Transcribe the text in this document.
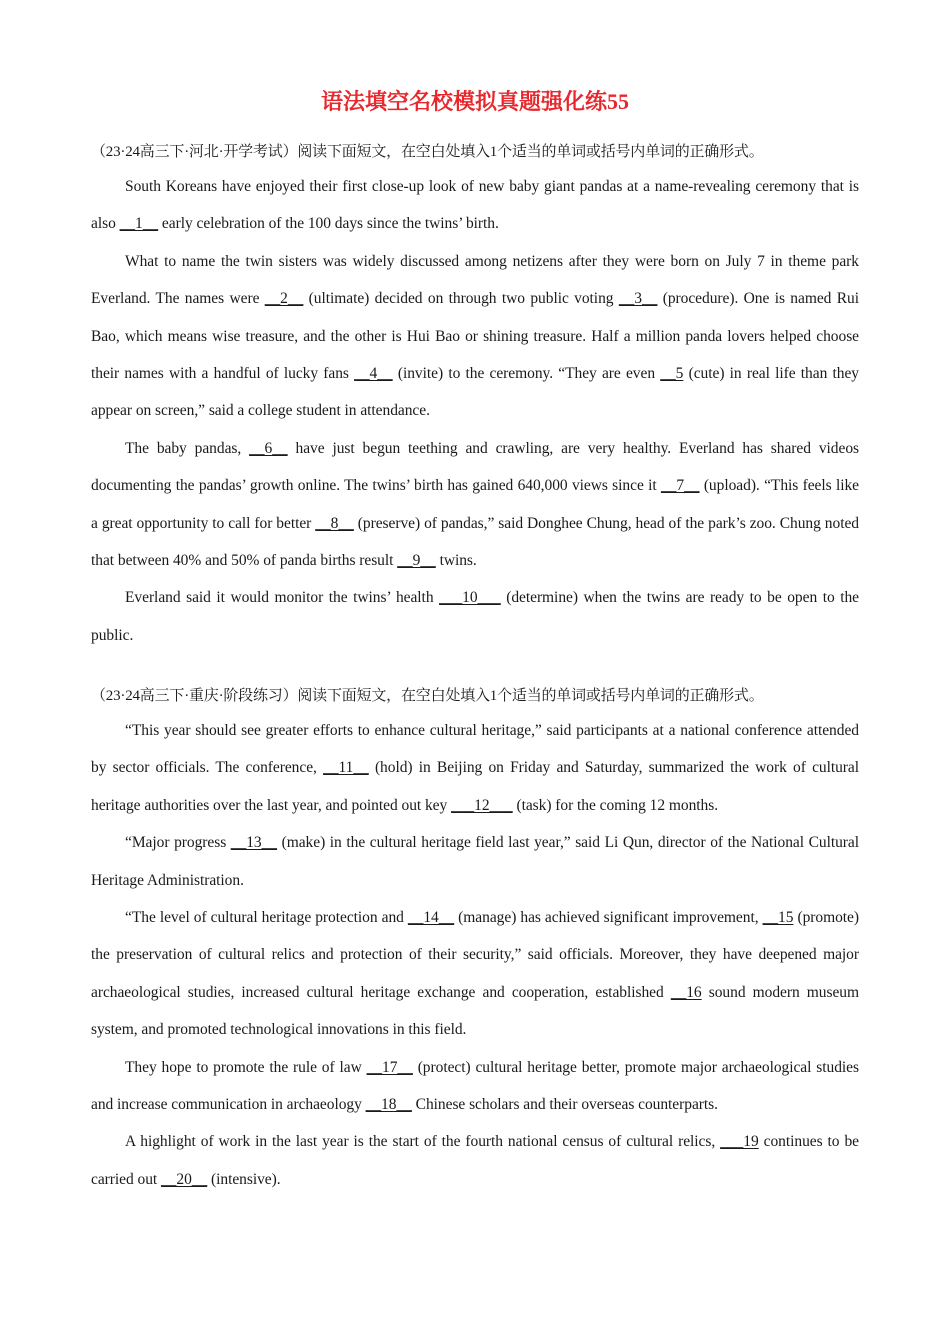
语法填空名校模拟真题强化练55

（23·24高三下·河北·开学考试）阅读下面短文，在空白处填入1个适当的单词或括号内单词的正确形式。

South Koreans have enjoyed their first close-up look of new baby giant pandas at a name-revealing ceremony that is also __1__ early celebration of the 100 days since the twins’ birth.

What to name the twin sisters was widely discussed among netizens after they were born on July 7 in theme park Everland. The names were __2__ (ultimate) decided on through two public voting __3__ (procedure). One is named Rui Bao, which means wise treasure, and the other is Hui Bao or shining treasure. Half a million panda lovers helped choose their names with a handful of lucky fans __4__ (invite) to the ceremony. “They are even __5 (cute) in real life than they appear on screen,” said a college student in attendance.

The baby pandas, __6__ have just begun teething and crawling, are very healthy. Everland has shared videos documenting the pandas’ growth online. The twins’ birth has gained 640,000 views since it __7__ (upload). “This feels like a great opportunity to call for better __8__ (preserve) of pandas,” said Donghee Chung, head of the park’s zoo. Chung noted that between 40% and 50% of panda births result __9__ twins.

Everland said it would monitor the twins’ health ___10___ (determine) when the twins are ready to be open to the public.

（23·24高三下·重庆·阶段练习）阅读下面短文，在空白处填入1个适当的单词或括号内单词的正确形式。

“This year should see greater efforts to enhance cultural heritage,” said participants at a national conference attended by sector officials. The conference, __11__ (hold) in Beijing on Friday and Saturday, summarized the work of cultural heritage authorities over the last year, and pointed out key ___12___ (task) for the coming 12 months.

“Major progress __13__ (make) in the cultural heritage field last year,” said Li Qun, director of the National Cultural Heritage Administration.

“The level of cultural heritage protection and __14__ (manage) has achieved significant improvement, __15 (promote) the preservation of cultural relics and protection of their security,” said officials. Moreover, they have deepened major archaeological studies, increased cultural heritage exchange and cooperation, established __16 sound modern museum system, and promoted technological innovations in this field.

They hope to promote the rule of law __17__ (protect) cultural heritage better, promote major archaeological studies and increase communication in archaeology __18__ Chinese scholars and their overseas counterparts.

A highlight of work in the last year is the start of the fourth national census of cultural relics, ___19 continues to be carried out __20__ (intensive).
